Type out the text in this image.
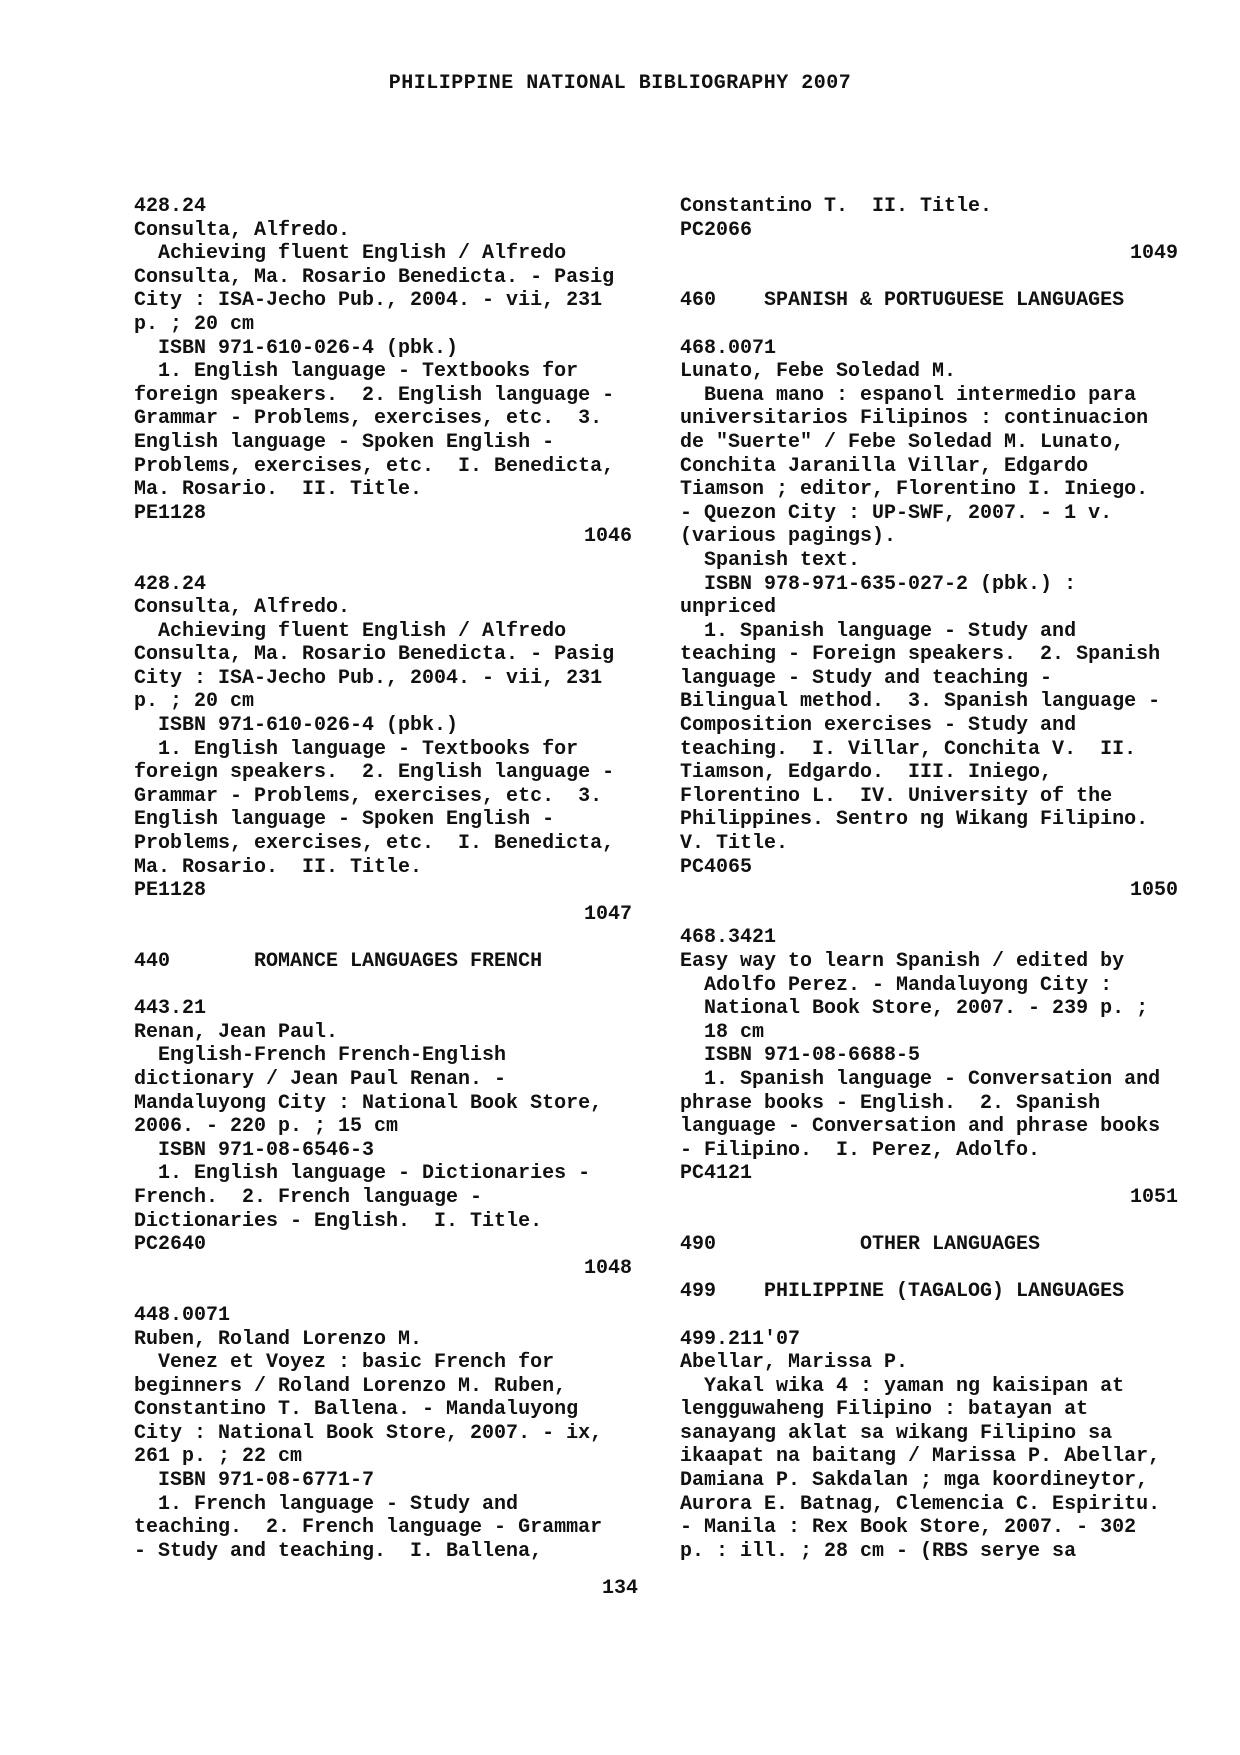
PHILIPPINE NATIONAL BIBLIOGRAPHY 2007
428.24
Consulta, Alfredo.
Achieving fluent English / Alfredo
Consulta, Ma. Rosario Benedicta. - Pasig
City : ISA-Jecho Pub., 2004. - vii, 231
p. ; 20 cm
ISBN 971-610-026-4 (pbk.)
1. English language - Textbooks for
foreign speakers.  2. English language -
Grammar - Problems, exercises, etc.  3.
English language - Spoken English -
Problems, exercises, etc.  I. Benedicta,
Ma. Rosario.  II. Title.
PE1128
1046
428.24
Consulta, Alfredo.
Achieving fluent English / Alfredo
Consulta, Ma. Rosario Benedicta. - Pasig
City : ISA-Jecho Pub., 2004. - vii, 231
p. ; 20 cm
ISBN 971-610-026-4 (pbk.)
1. English language - Textbooks for
foreign speakers.  2. English language -
Grammar - Problems, exercises, etc.  3.
English language - Spoken English -
Problems, exercises, etc.  I. Benedicta,
Ma. Rosario.  II. Title.
PE1128
1047
440       ROMANCE LANGUAGES FRENCH
443.21
Renan, Jean Paul.
English-French French-English
dictionary / Jean Paul Renan. -
Mandaluyong City : National Book Store,
2006. - 220 p. ; 15 cm
ISBN 971-08-6546-3
1. English language - Dictionaries -
French.  2. French language -
Dictionaries - English.  I. Title.
PC2640
1048
448.0071
Ruben, Roland Lorenzo M.
Venez et Voyez : basic French for
beginners / Roland Lorenzo M. Ruben,
Constantino T. Ballena. - Mandaluyong
City : National Book Store, 2007. - ix,
261 p. ; 22 cm
ISBN 971-08-6771-7
1. French language - Study and
teaching.  2. French language - Grammar
- Study and teaching.  I. Ballena,
Constantino T.  II. Title.
PC2066
1049
460    SPANISH & PORTUGUESE LANGUAGES
468.0071
Lunato, Febe Soledad M.
Buena mano : espanol intermedio para
universitarios Filipinos : continuacion
de "Suerte" / Febe Soledad M. Lunato,
Conchita Jaranilla Villar, Edgardo
Tiamson ; editor, Florentino I. Iniego.
- Quezon City : UP-SWF, 2007. - 1 v.
(various pagings).
Spanish text.
ISBN 978-971-635-027-2 (pbk.) :
unpriced
1. Spanish language - Study and
teaching - Foreign speakers.  2. Spanish
language - Study and teaching -
Bilingual method.  3. Spanish language -
Composition exercises - Study and
teaching.  I. Villar, Conchita V.  II.
Tiamson, Edgardo.  III. Iniego,
Florentino L.  IV. University of the
Philippines. Sentro ng Wikang Filipino.
V. Title.
PC4065
1050
468.3421
Easy way to learn Spanish / edited by
Adolfo Perez. - Mandaluyong City :
National Book Store, 2007. - 239 p. ;
18 cm
ISBN 971-08-6688-5
1. Spanish language - Conversation and
phrase books - English.  2. Spanish
language - Conversation and phrase books
- Filipino.  I. Perez, Adolfo.
PC4121
1051
490            OTHER LANGUAGES
499    PHILIPPINE (TAGALOG) LANGUAGES
499.211'07
Abellar, Marissa P.
Yakal wika 4 : yaman ng kaisipan at
lengguwaheng Filipino : batayan at
sanayang aklat sa wikang Filipino sa
ikaapat na baitang / Marissa P. Abellar,
Damiana P. Sakdalan ; mga koordineytor,
Aurora E. Batnag, Clemencia C. Espiritu.
- Manila : Rex Book Store, 2007. - 302
p. : ill. ; 28 cm - (RBS serye sa
134
